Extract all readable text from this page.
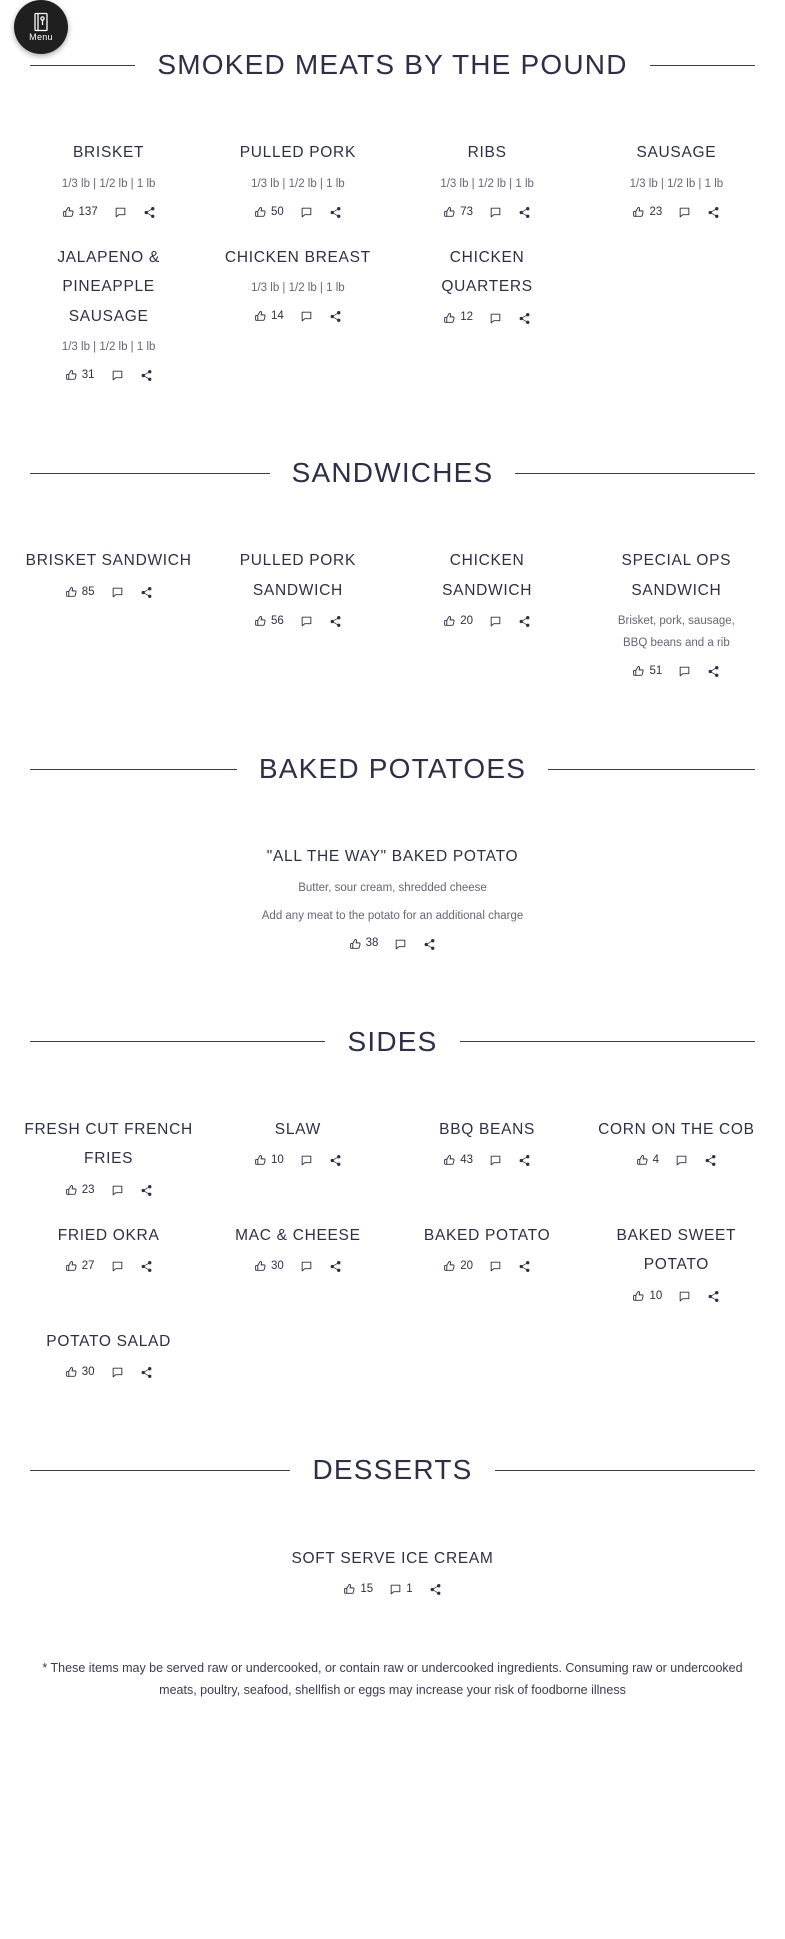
Menu
SMOKED MEATS BY THE POUND
BRISKET
1/3 lb | 1/2 lb | 1 lb
137
PULLED PORK
1/3 lb | 1/2 lb | 1 lb
50
RIBS
1/3 lb | 1/2 lb | 1 lb
73
SAUSAGE
1/3 lb | 1/2 lb | 1 lb
23
JALAPENO & PINEAPPLE SAUSAGE
1/3 lb | 1/2 lb | 1 lb
31
CHICKEN BREAST
1/3 lb | 1/2 lb | 1 lb
14
CHICKEN QUARTERS
12
SANDWICHES
BRISKET SANDWICH
85
PULLED PORK SANDWICH
56
CHICKEN SANDWICH
20
SPECIAL OPS SANDWICH
Brisket, pork, sausage, BBQ beans and a rib
51
BAKED POTATOES
"ALL THE WAY" BAKED POTATO
Butter, sour cream, shredded cheese
Add any meat to the potato for an additional charge
38
SIDES
FRESH CUT FRENCH FRIES
23
SLAW
10
BBQ BEANS
43
CORN ON THE COB
4
FRIED OKRA
27
MAC & CHEESE
30
BAKED POTATO
20
BAKED SWEET POTATO
10
POTATO SALAD
30
DESSERTS
SOFT SERVE ICE CREAM
15	1
* These items may be served raw or undercooked, or contain raw or undercooked ingredients. Consuming raw or undercooked meats, poultry, seafood, shellfish or eggs may increase your risk of foodborne illness
